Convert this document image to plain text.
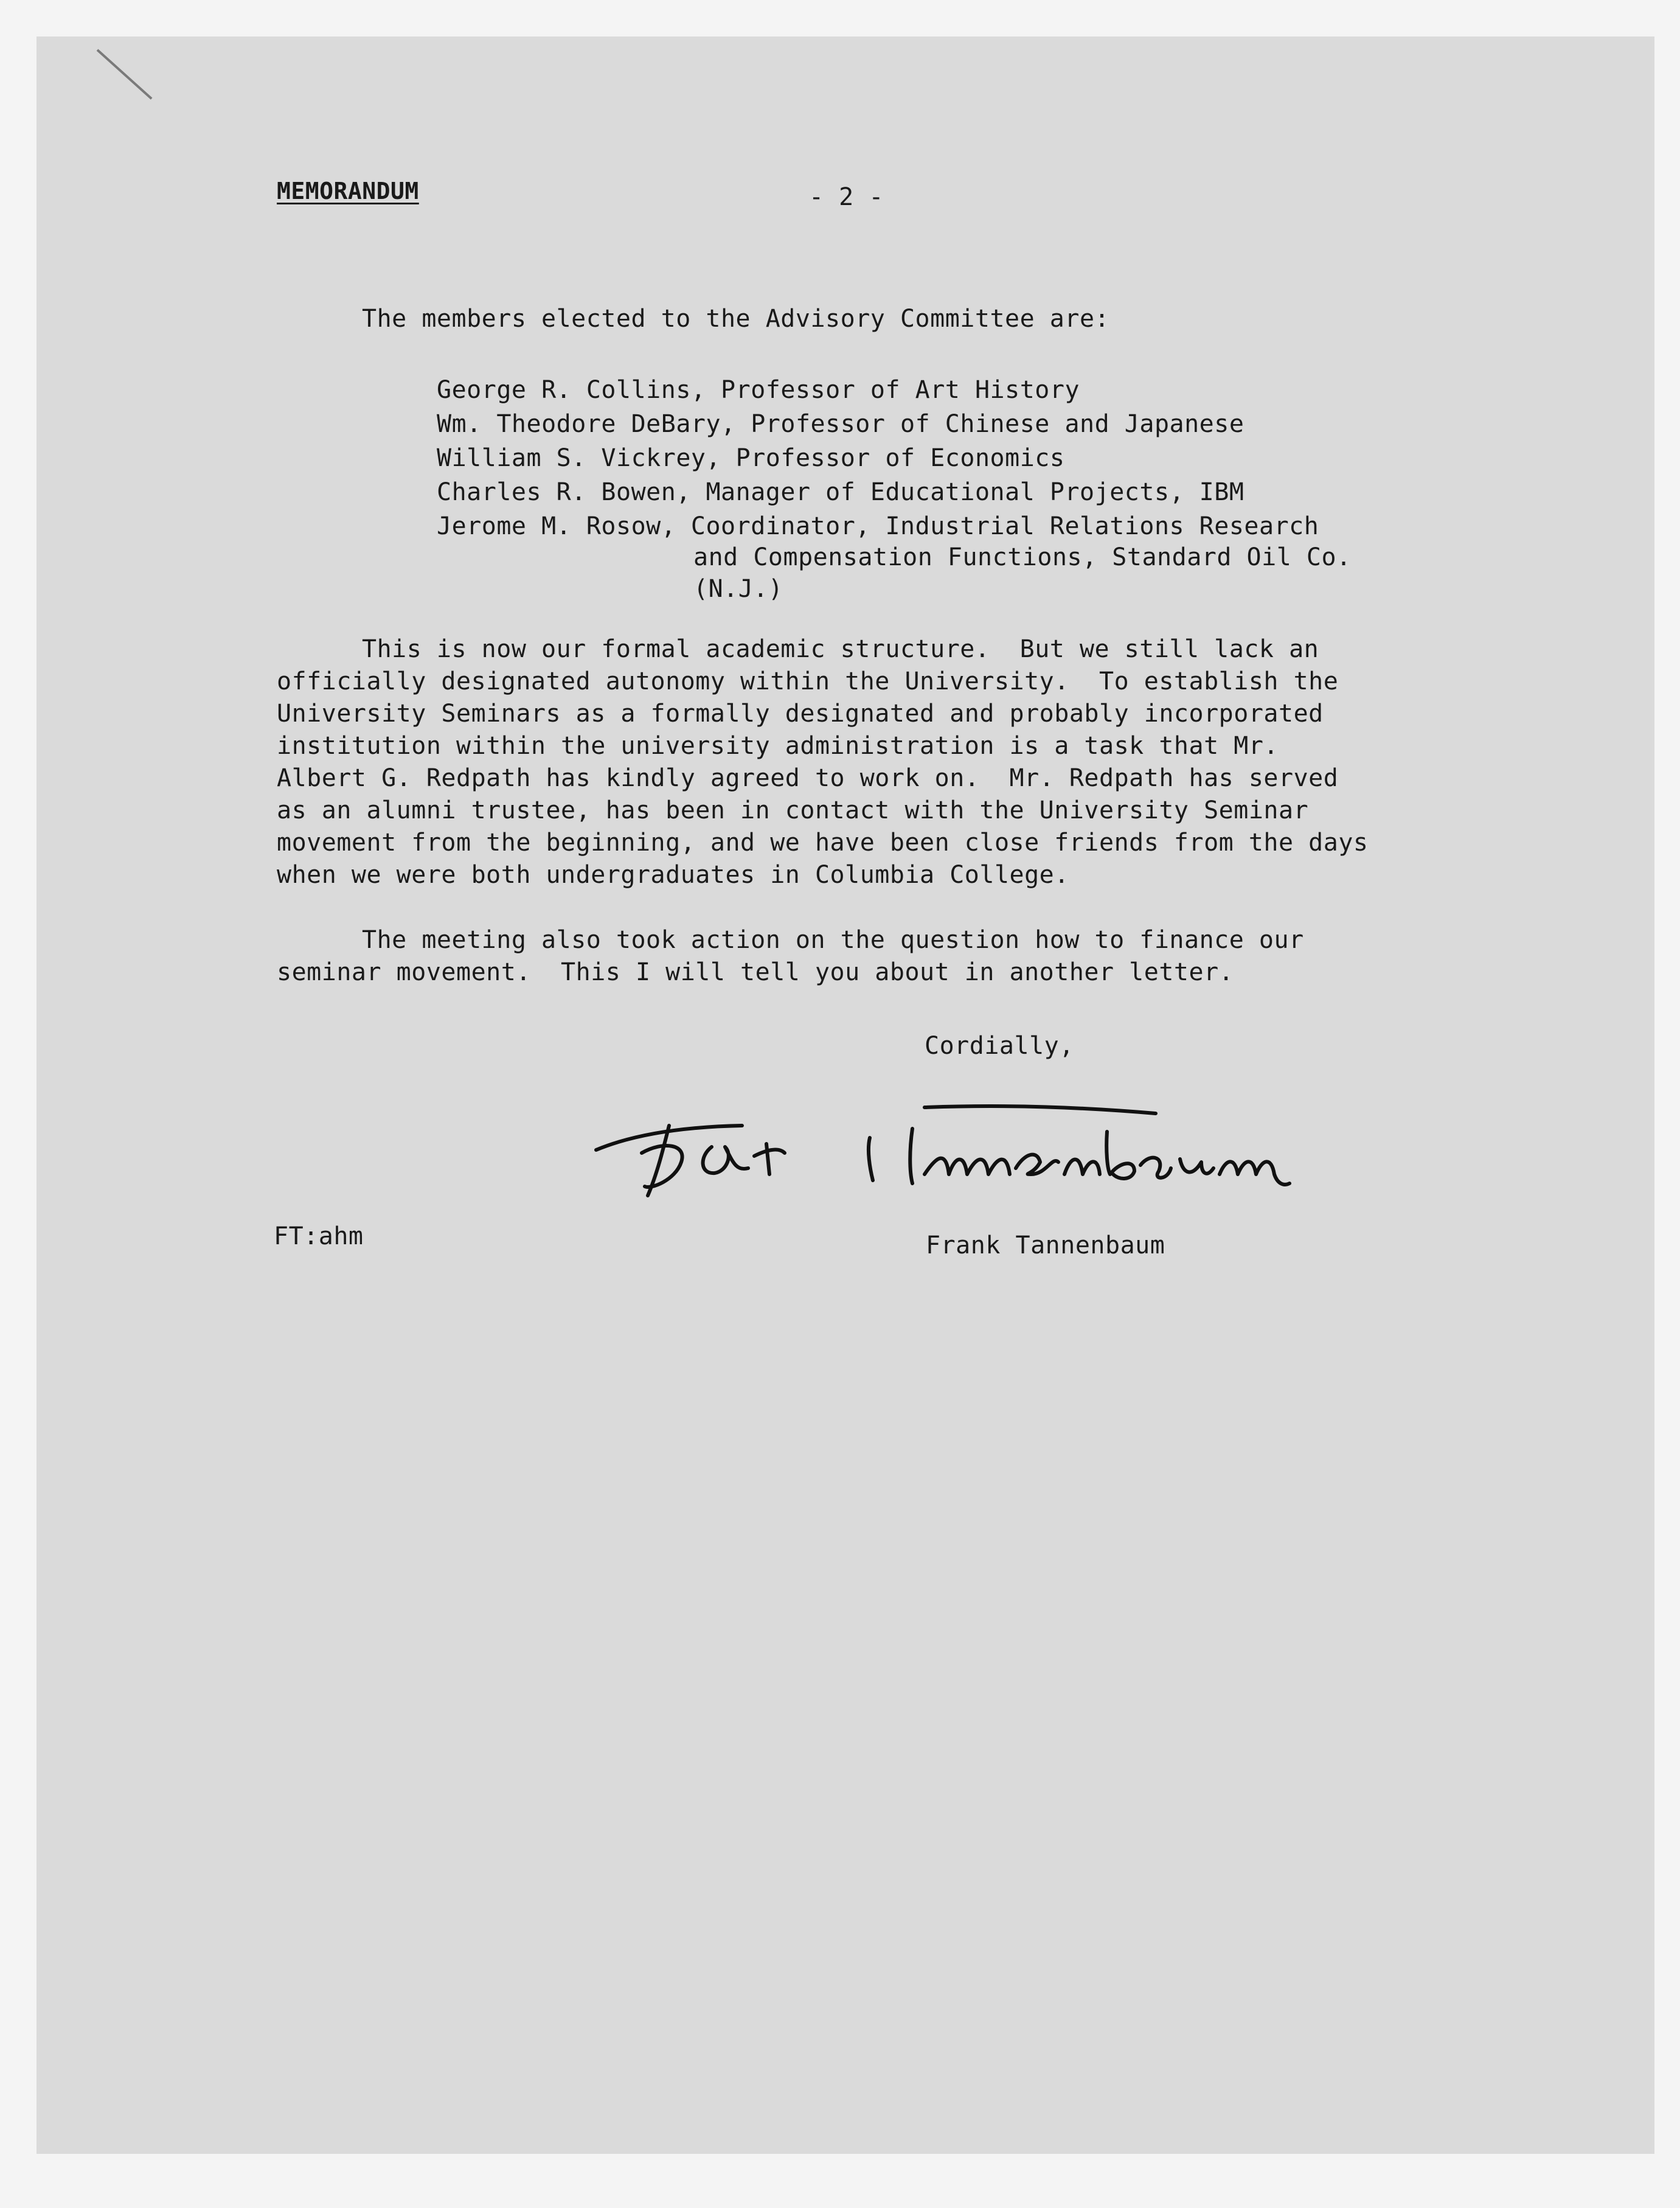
MEMORANDUM	- 2 -
The members elected to the Advisory Committee are:
George R. Collins, Professor of Art History
Wm. Theodore DeBary, Professor of Chinese and Japanese
William S. Vickrey, Professor of Economics
Charles R. Bowen, Manager of Educational Projects, IBM
Jerome M. Rosow, Coordinator, Industrial Relations Research
and Compensation Functions, Standard Oil Co.
(N.J.)
This is now our formal academic structure.  But we still lack an
officially designated autonomy within the University.  To establish the
University Seminars as a formally designated and probably incorporated
institution within the university administration is a task that Mr.
Albert G. Redpath has kindly agreed to work on.  Mr. Redpath has served
as an alumni trustee, has been in contact with the University Seminar
movement from the beginning, and we have been close friends from the days
when we were both undergraduates in Columbia College.
The meeting also took action on the question how to finance our
seminar movement.  This I will tell you about in another letter.
Cordially,
FT:ahm	Frank Tannenbaum
